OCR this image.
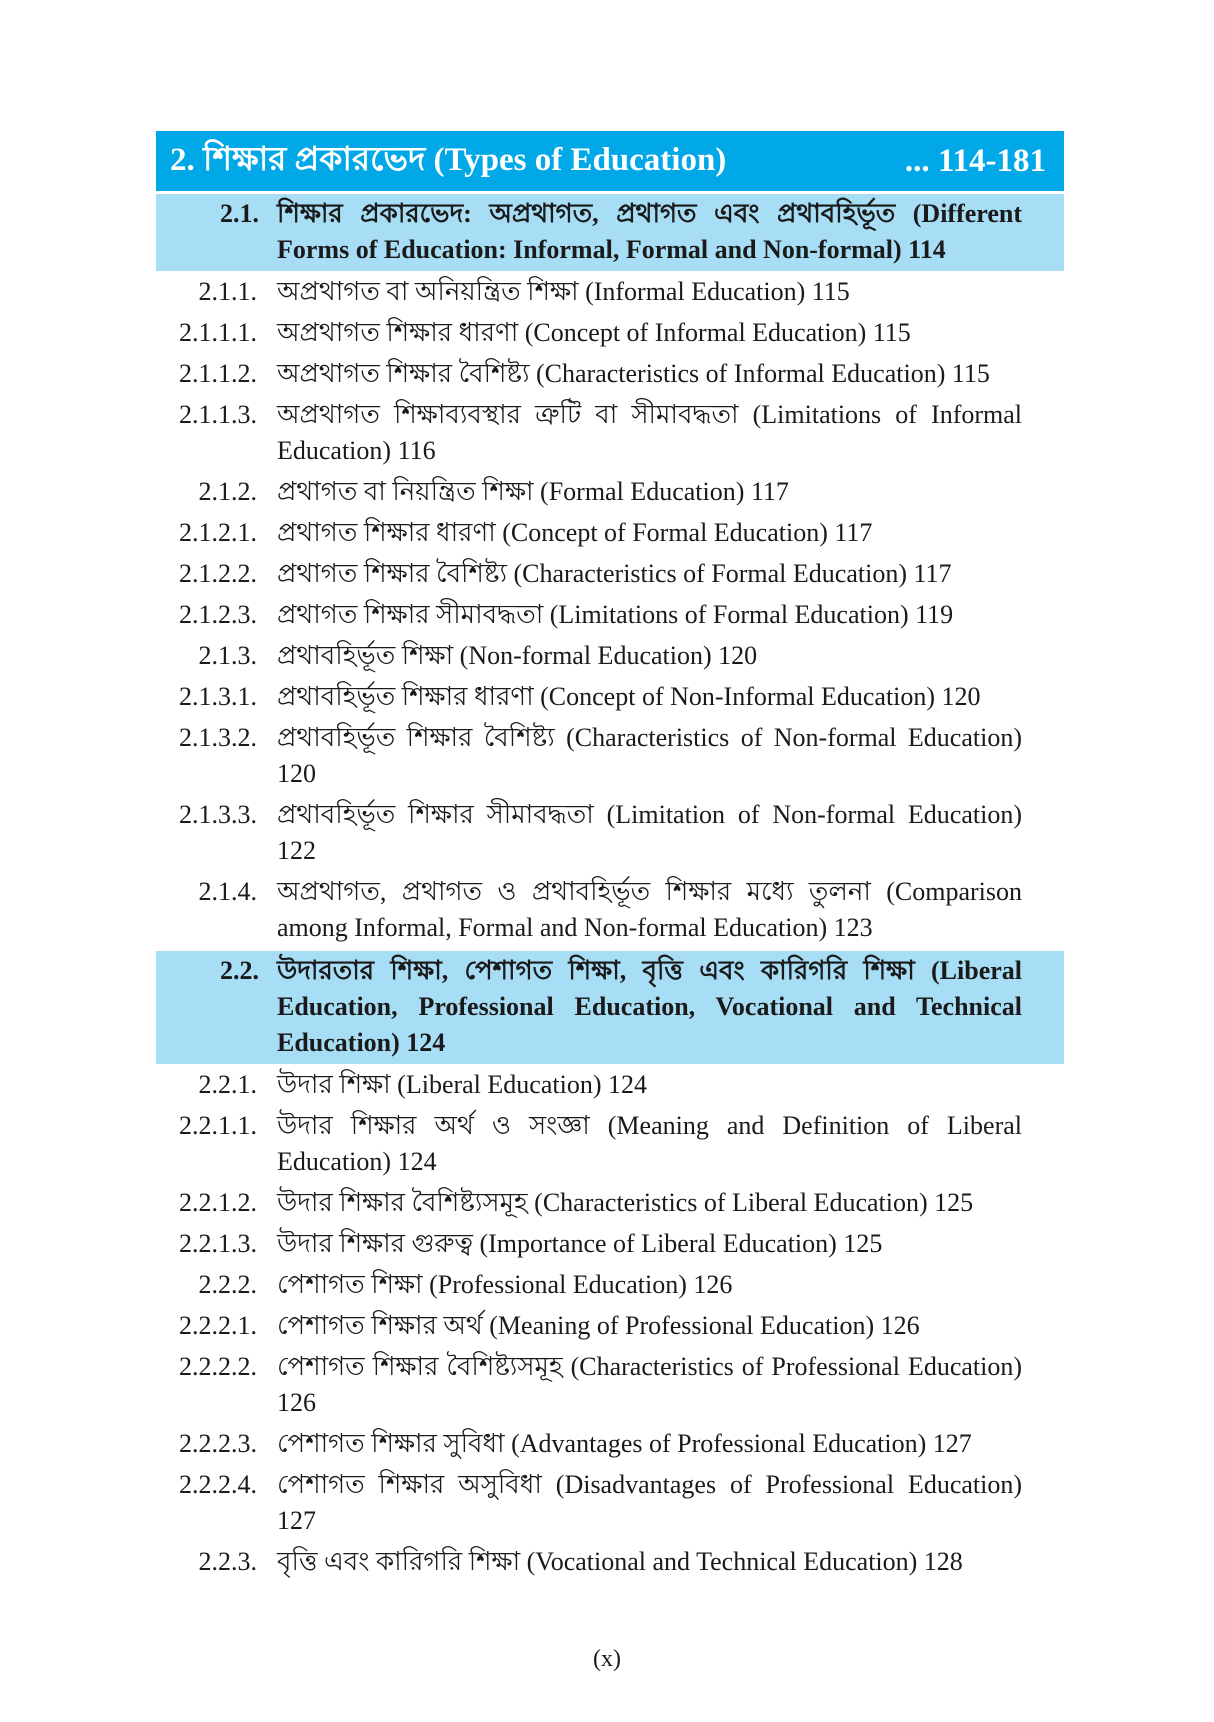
2. শিক্ষার প্রকারভেদ (Types of Education)	... 114-181
2.1. শিক্ষার প্রকারভেদ: অপ্রথাগত, প্রথাগত এবং প্রথাবহির্ভূত (Different Forms of Education: Informal, Formal and Non-formal) 114
2.1.1. অপ্রথাগত বা অনিয়ন্ত্রিত শিক্ষা (Informal Education) 115
2.1.1.1. অপ্রথাগত শিক্ষার ধারণা (Concept of Informal Education) 115
2.1.1.2. অপ্রথাগত শিক্ষার বৈশিষ্ট্য (Characteristics of Informal Education) 115
2.1.1.3. অপ্রথাগত শিক্ষাব্যবস্থার ত্রুটি বা সীমাবদ্ধতা (Limitations of Informal Education) 116
2.1.2. প্রথাগত বা নিয়ন্ত্রিত শিক্ষা (Formal Education) 117
2.1.2.1. প্রথাগত শিক্ষার ধারণা (Concept of Formal Education) 117
2.1.2.2. প্রথাগত শিক্ষার বৈশিষ্ট্য (Characteristics of Formal Education) 117
2.1.2.3. প্রথাগত শিক্ষার সীমাবদ্ধতা (Limitations of Formal Education) 119
2.1.3. প্রথাবহির্ভূত শিক্ষা (Non-formal Education) 120
2.1.3.1. প্রথাবহির্ভূত শিক্ষার ধারণা (Concept of Non-Informal Education) 120
2.1.3.2. প্রথাবহির্ভূত শিক্ষার বৈশিষ্ট্য (Characteristics of Non-formal Education) 120
2.1.3.3. প্রথাবহির্ভূত শিক্ষার সীমাবদ্ধতা (Limitation of Non-formal Education) 122
2.1.4. অপ্রথাগত, প্রথাগত ও প্রথাবহির্ভূত শিক্ষার মধ্যে তুলনা (Comparison among Informal, Formal and Non-formal Education) 123
2.2. উদারতার শিক্ষা, পেশাগত শিক্ষা, বৃত্তি এবং কারিগরি শিক্ষা (Liberal Education, Professional Education, Vocational and Technical Education) 124
2.2.1. উদার শিক্ষা (Liberal Education) 124
2.2.1.1. উদার শিক্ষার অর্থ ও সংজ্ঞা (Meaning and Definition of Liberal Education) 124
2.2.1.2. উদার শিক্ষার বৈশিষ্ট্যসমূহ (Characteristics of Liberal Education) 125
2.2.1.3. উদার শিক্ষার গুরুত্ব (Importance of Liberal Education) 125
2.2.2. পেশাগত শিক্ষা (Professional Education) 126
2.2.2.1. পেশাগত শিক্ষার অর্থ (Meaning of Professional Education) 126
2.2.2.2. পেশাগত শিক্ষার বৈশিষ্ট্যসমূহ (Characteristics of Professional Education) 126
2.2.2.3. পেশাগত শিক্ষার সুবিধা (Advantages of Professional Education) 127
2.2.2.4. পেশাগত শিক্ষার অসুবিধা (Disadvantages of Professional Education) 127
2.2.3. বৃত্তি এবং কারিগরি শিক্ষা (Vocational and Technical Education) 128
(x)
